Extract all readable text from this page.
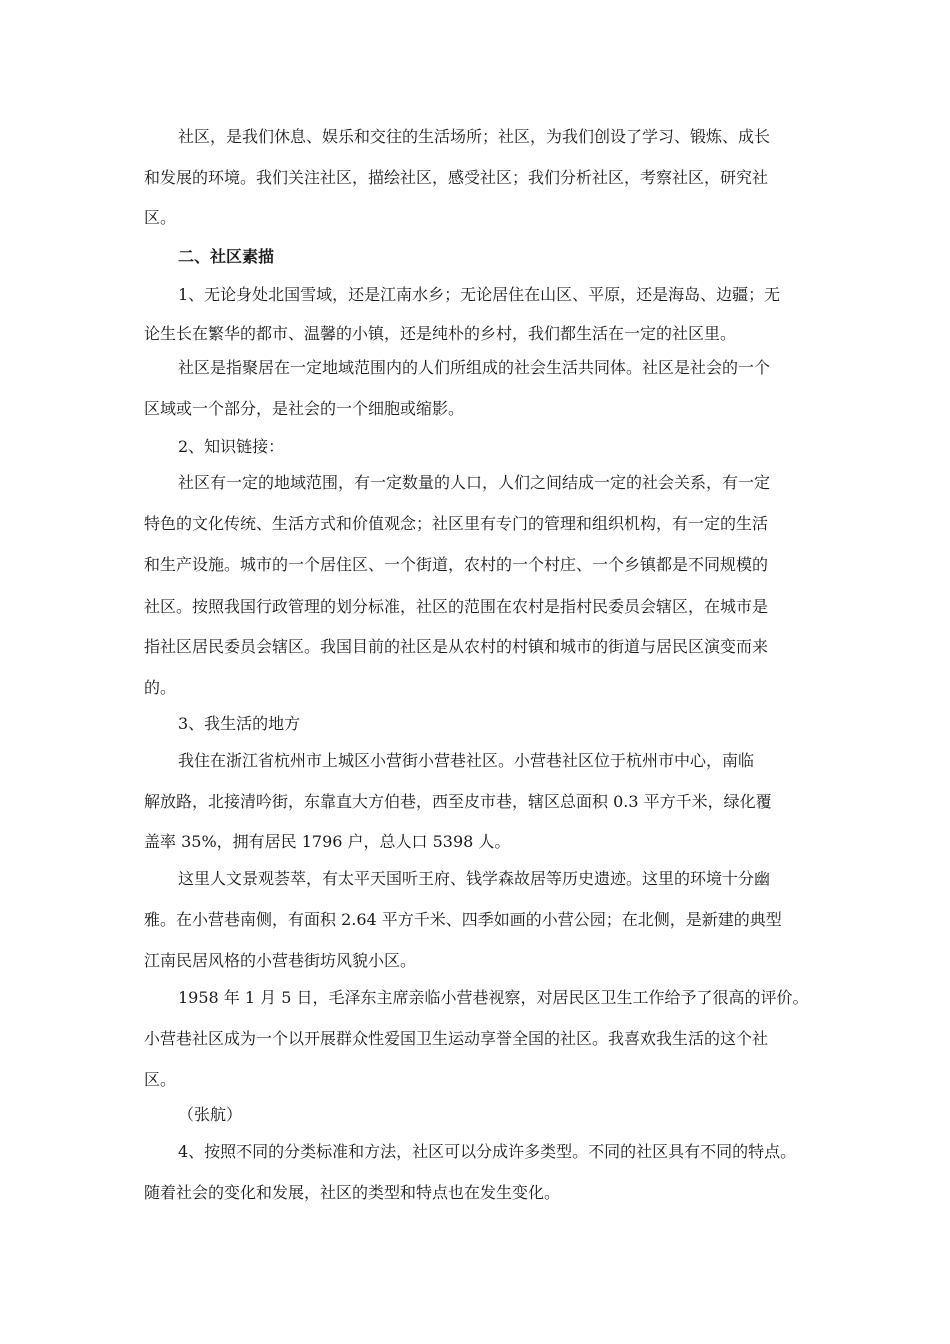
社区，是我们休息、娱乐和交往的生活场所；社区，为我们创设了学习、锻炼、成长
和发展的环境。我们关注社区，描绘社区，感受社区；我们分析社区，考察社区，研究社
区。
二、社区素描
1、无论身处北国雪域，还是江南水乡；无论居住在山区、平原，还是海岛、边疆；无
论生长在繁华的都市、温馨的小镇，还是纯朴的乡村，我们都生活在一定的社区里。
社区是指聚居在一定地域范围内的人们所组成的社会生活共同体。社区是社会的一个
区域或一个部分，是社会的一个细胞或缩影。
2、知识链接：
社区有一定的地域范围，有一定数量的人口，人们之间结成一定的社会关系，有一定
特色的文化传统、生活方式和价值观念；社区里有专门的管理和组织机构，有一定的生活
和生产设施。城市的一个居住区、一个街道，农村的一个村庄、一个乡镇都是不同规模的
社区。按照我国行政管理的划分标准，社区的范围在农村是指村民委员会辖区，在城市是
指社区居民委员会辖区。我国目前的社区是从农村的村镇和城市的街道与居民区演变而来
的。
3、我生活的地方
我住在浙江省杭州市上城区小营街小营巷社区。小营巷社区位于杭州市中心，南临
解放路，北接清吟街，东靠直大方伯巷，西至皮市巷，辖区总面积 0.3 平方千米，绿化覆
盖率 35%，拥有居民 1796 户，总人口 5398 人。
这里人文景观荟萃，有太平天国听王府、钱学森故居等历史遗迹。这里的环境十分幽
雅。在小营巷南侧，有面积 2.64 平方千米、四季如画的小营公园；在北侧，是新建的典型
江南民居风格的小营巷街坊风貌小区。
1958 年 1 月 5 日，毛泽东主席亲临小营巷视察，对居民区卫生工作给予了很高的评价。
小营巷社区成为一个以开展群众性爱国卫生运动享誉全国的社区。我喜欢我生活的这个社
区。
（张航）
4、按照不同的分类标准和方法，社区可以分成许多类型。不同的社区具有不同的特点。
随着社会的变化和发展，社区的类型和特点也在发生变化。
